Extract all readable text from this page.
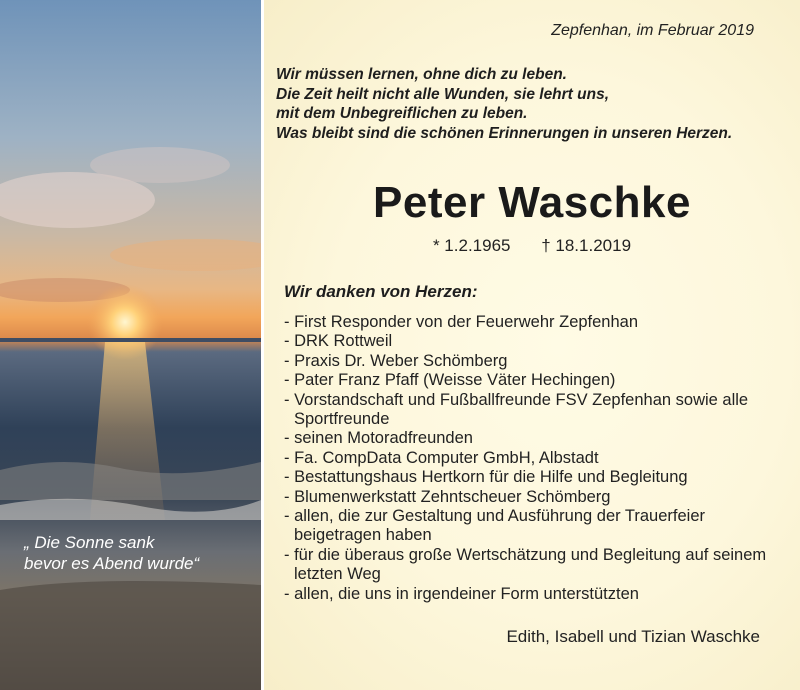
„ Die Sonne sank
bevor es Abend wurde“
Zepfenhan, im Februar 2019
Wir müssen lernen, ohne dich zu leben.
Die Zeit heilt nicht alle Wunden, sie lehrt uns,
mit dem Unbegreiflichen zu leben.
Was bleibt sind die schönen Erinnerungen in unseren Herzen.
Peter Waschke
* 1.2.1965 † 18.1.2019
Wir danken von Herzen:
- First Responder von der Feuerwehr Zepfenhan
- DRK Rottweil
- Praxis Dr. Weber Schömberg
- Pater Franz Pfaff (Weisse Väter Hechingen)
- Vorstandschaft und Fußballfreunde FSV Zepfenhan sowie alle Sportfreunde
- seinen Motoradfreunden
- Fa. CompData Computer GmbH, Albstadt
- Bestattungshaus Hertkorn für die Hilfe und Begleitung
- Blumenwerkstatt Zehntscheuer Schömberg
- allen, die zur Gestaltung und Ausführung der Trauerfeier beigetragen haben
- für die überaus große Wertschätzung und Begleitung auf seinem letzten Weg
- allen, die uns in irgendeiner Form unterstützten
Edith, Isabell und Tizian Waschke
